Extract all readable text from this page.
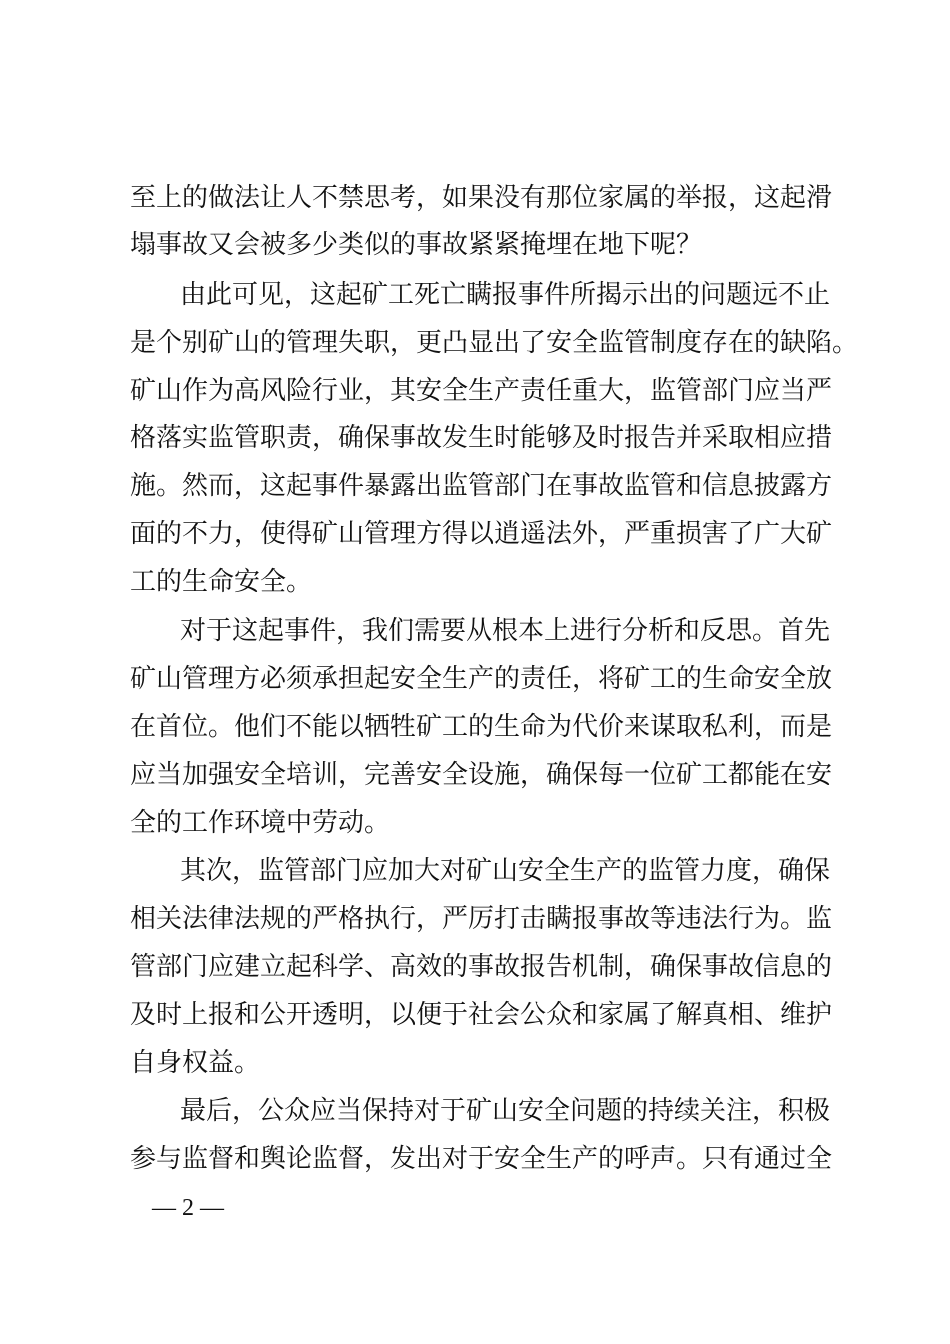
至上的做法让人不禁思考，如果没有那位家属的举报，这起滑
塌事故又会被多少类似的事故紧紧掩埋在地下呢？
由此可见，这起矿工死亡瞒报事件所揭示出的问题远不止
是个别矿山的管理失职，更凸显出了安全监管制度存在的缺陷。
矿山作为高风险行业，其安全生产责任重大，监管部门应当严
格落实监管职责，确保事故发生时能够及时报告并采取相应措
施。然而，这起事件暴露出监管部门在事故监管和信息披露方
面的不力，使得矿山管理方得以逍遥法外，严重损害了广大矿
工的生命安全。
对于这起事件，我们需要从根本上进行分析和反思。首先
矿山管理方必须承担起安全生产的责任，将矿工的生命安全放
在首位。他们不能以牺牲矿工的生命为代价来谋取私利，而是
应当加强安全培训，完善安全设施，确保每一位矿工都能在安
全的工作环境中劳动。
其次，监管部门应加大对矿山安全生产的监管力度，确保
相关法律法规的严格执行，严厉打击瞒报事故等违法行为。监
管部门应建立起科学、高效的事故报告机制，确保事故信息的
及时上报和公开透明，以便于社会公众和家属了解真相、维护
自身权益。
最后，公众应当保持对于矿山安全问题的持续关注，积极
参与监督和舆论监督，发出对于安全生产的呼声。只有通过全
— 2 —
